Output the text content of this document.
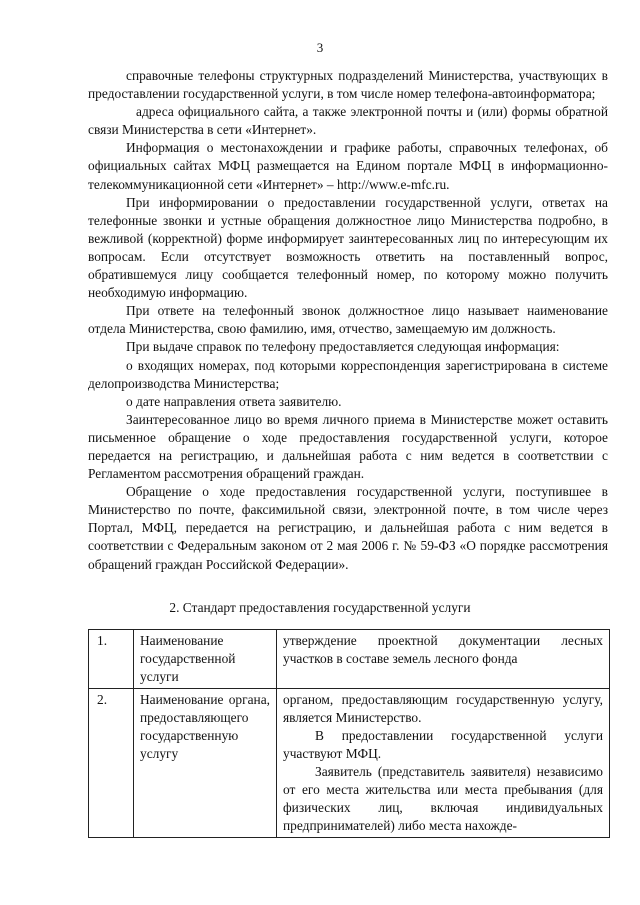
3

справочные телефоны структурных подразделений Министерства, участвующих в предоставлении государственной услуги, в том числе номер телефона-автоинформатора;

адреса официального сайта, а также электронной почты и (или) формы обратной связи Министерства в сети «Интернет».

Информация о местонахождении и графике работы, справочных телефонах, об официальных сайтах МФЦ размещается на Едином портале МФЦ в информационно-телекоммуникационной сети «Интернет» – http://www.e-mfc.ru.

При информировании о предоставлении государственной услуги, ответах на телефонные звонки и устные обращения должностное лицо Министерства подробно, в вежливой (корректной) форме информирует заинтересованных лиц по интересующим их вопросам. Если отсутствует возможность ответить на поставленный вопрос, обратившемуся лицу сообщается телефонный номер, по которому можно получить необходимую информацию.

При ответе на телефонный звонок должностное лицо называет наименование отдела Министерства, свою фамилию, имя, отчество, замещаемую им должность.

При выдаче справок по телефону предоставляется следующая информация:

о входящих номерах, под которыми корреспонденция зарегистрирована в системе делопроизводства Министерства;

о дате направления ответа заявителю.

Заинтересованное лицо во время личного приема в Министерстве может оставить письменное обращение о ходе предоставления государственной услуги, которое передается на регистрацию, и дальнейшая работа с ним ведется в соответствии с Регламентом рассмотрения обращений граждан.

Обращение о ходе предоставления государственной услуги, поступившее в Министерство по почте, факсимильной связи, электронной почте, в том числе через Портал, МФЦ, передается на регистрацию, и дальнейшая работа с ним ведется в соответствии с Федеральным законом от 2 мая 2006 г. № 59-ФЗ «О порядке рассмотрения обращений граждан Российской Федерации».

2. Стандарт предоставления государственной услуги
1.	Наименование государственной услуги	утверждение проектной документации лесных участков в составе земель лесного фонда

2.	Наименование органа, предоставляющего государственную услугу	органом, предоставляющим государственную услугу, является Министерство.

В предоставлении государственной услуги участвуют МФЦ.

Заявитель (представитель заявителя) независимо от его места жительства или места пребывания (для физических лиц, включая индивидуальных предпринимателей) либо места нахожде-
